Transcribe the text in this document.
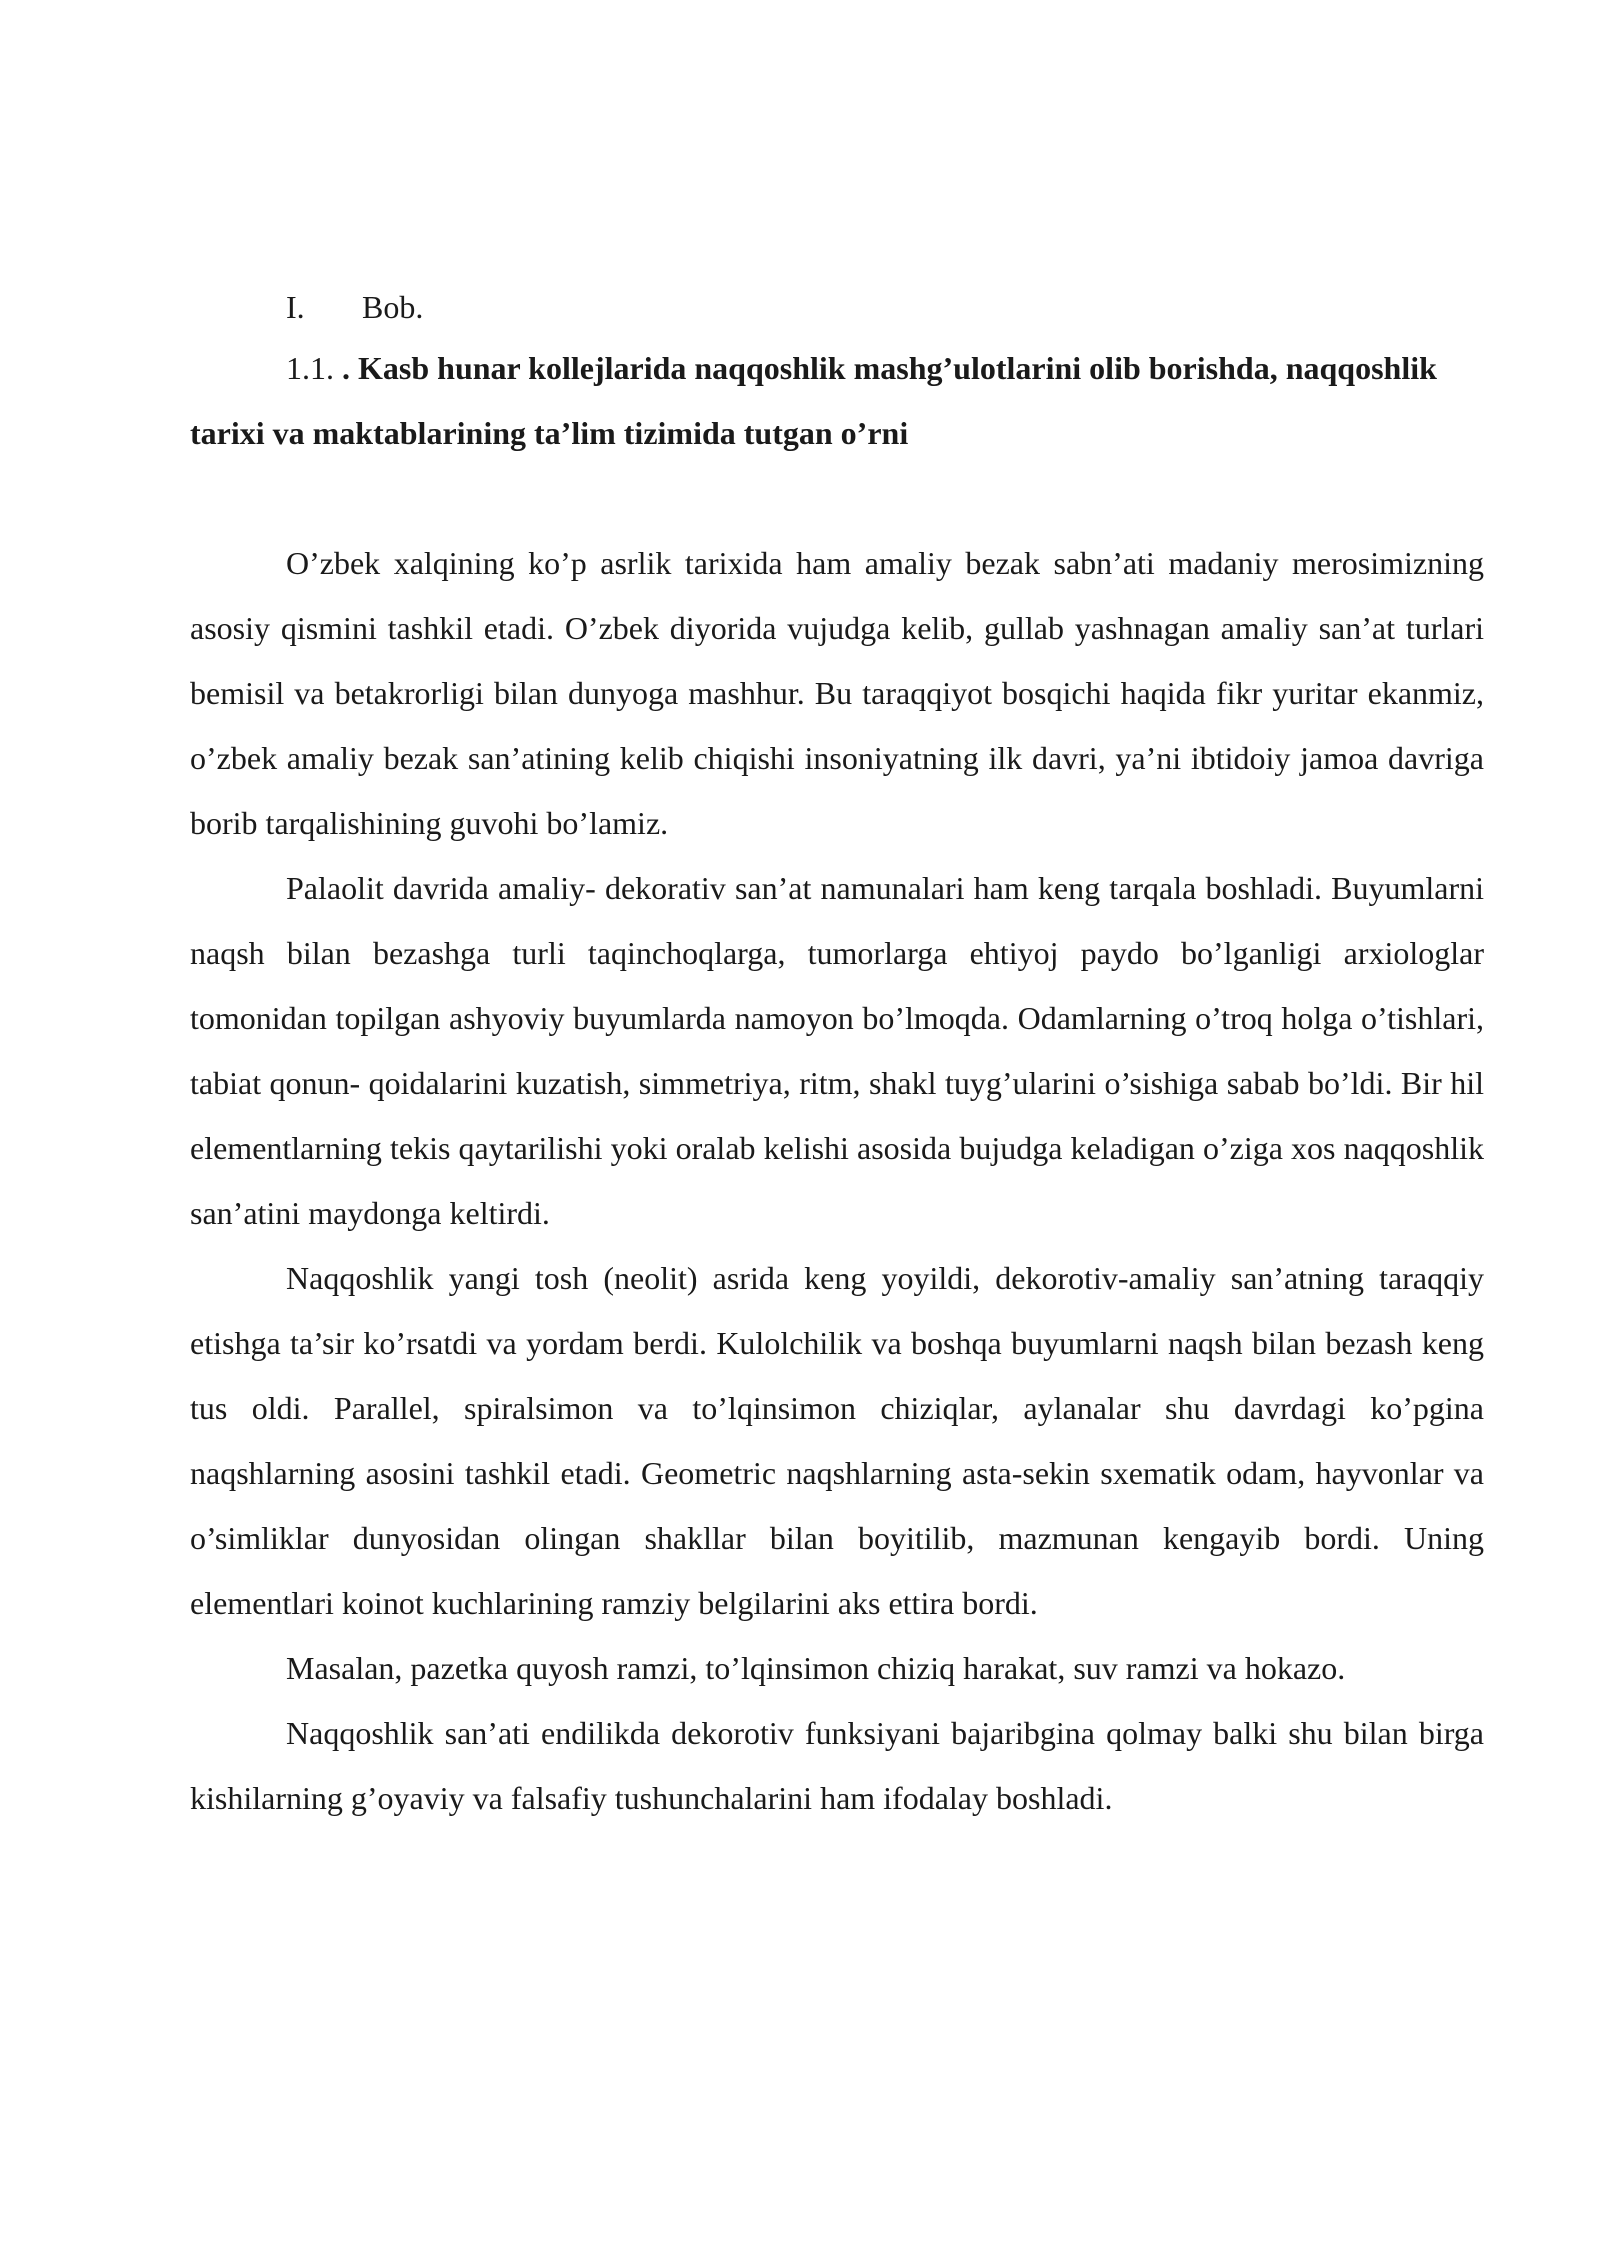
I. Bob.
1.1. . Kasb hunar kollejlarida naqqoshlik mashg’ulotlarini olib borishda, naqqoshlik tarixi va maktablarining ta’lim tizimida tutgan o’rni

O’zbek xalqining ko’p asrlik tarixida ham amaliy bezak sabn’ati madaniy merosimizning asosiy qismini tashkil etadi. O’zbek diyorida vujudga kelib, gullab yashnagan amaliy san’at turlari bemisil va betakrorligi bilan dunyoga mashhur. Bu taraqqiyot bosqichi haqida fikr yuritar ekanmiz, o’zbek amaliy bezak san’atining kelib chiqishi insoniyatning ilk davri, ya’ni ibtidoiy jamoa davriga borib tarqalishining guvohi bo’lamiz.

Palaolit davrida amaliy- dekorativ san’at namunalari ham keng tarqala boshladi. Buyumlarni naqsh bilan bezashga turli taqinchoqlarga, tumorlarga ehtiyoj paydo bo’lganligi arxiologlar tomonidan topilgan ashyoviy buyumlarda namoyon bo’lmoqda. Odamlarning o’troq holga o’tishlari, tabiat qonun- qoidalarini kuzatish, simmetriya, ritm, shakl tuyg’ularini o’sishiga sabab bo’ldi. Bir hil elementlarning tekis qaytarilishi yoki oralab kelishi asosida bujudga keladigan o’ziga xos naqqoshlik san’atini maydonga keltirdi.

Naqqoshlik yangi tosh (neolit) asrida keng yoyildi, dekorotiv-amaliy san’atning taraqqiy etishga ta’sir ko’rsatdi va yordam berdi. Kulolchilik va boshqa buyumlarni naqsh bilan bezash keng tus oldi. Parallel, spiralsimon va to’lqinsimon chiziqlar, aylanalar shu davrdagi ko’pgina naqshlarning asosini tashkil etadi. Geometric naqshlarning asta-sekin sxematik odam, hayvonlar va o’simliklar dunyosidan olingan shakllar bilan boyitilib, mazmunan kengayib bordi. Uning elementlari koinot kuchlarining ramziy belgilarini aks ettira bordi.

Masalan, pazetka quyosh ramzi, to’lqinsimon chiziq harakat, suv ramzi va hokazo.

Naqqoshlik san’ati endilikda dekorotiv funksiyani bajaribgina qolmay balki shu bilan birga kishilarning g’oyaviy va falsafiy tushunchalarini ham ifodalay boshladi.
